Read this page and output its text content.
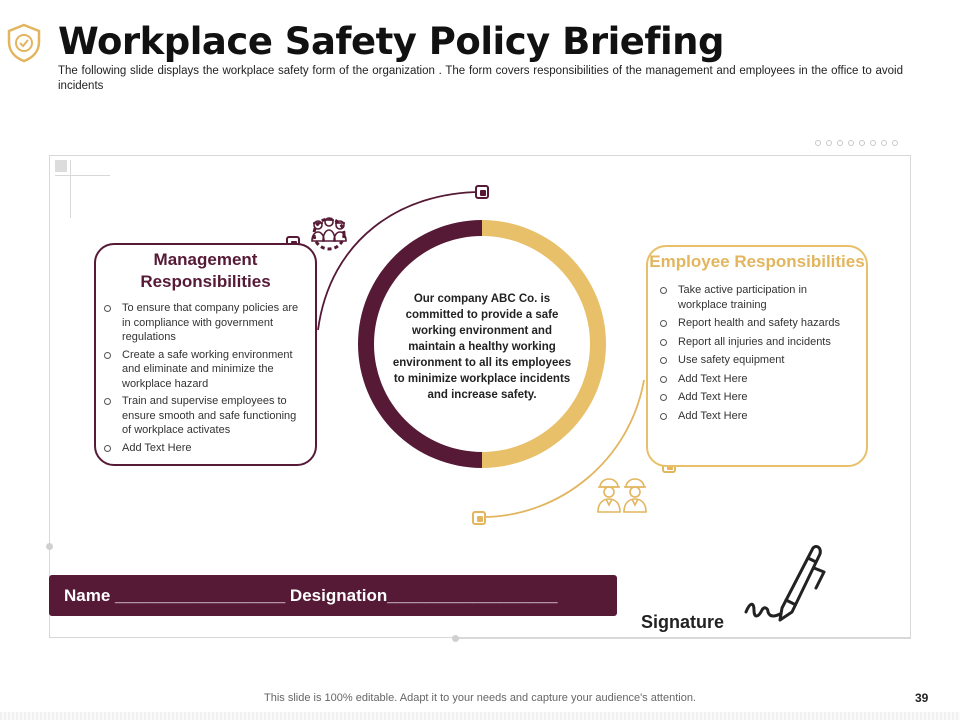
Workplace Safety Policy Briefing
The following slide displays the workplace safety form of the organization . The form covers responsibilities of the management and employees in the office to avoid incidents
Management Responsibilities
To ensure that company policies are in compliance with government regulations
Create a safe working environment and eliminate and minimize the workplace hazard
Train and supervise employees to ensure smooth and safe functioning of workplace activates
Add Text Here
Employee Responsibilities
Take active participation in workplace training
Report health and safety hazards
Report all injuries and incidents
Use safety equipment
Add Text Here
Add Text Here
Add Text Here
Our company ABC Co. is committed to provide a safe working environment and maintain a healthy working environment to all its employees to minimize workplace incidents and increase safety.
Name __________________ Designation__________________
Signature
This slide is 100% editable. Adapt it to your needs and capture your audience's attention.	39
